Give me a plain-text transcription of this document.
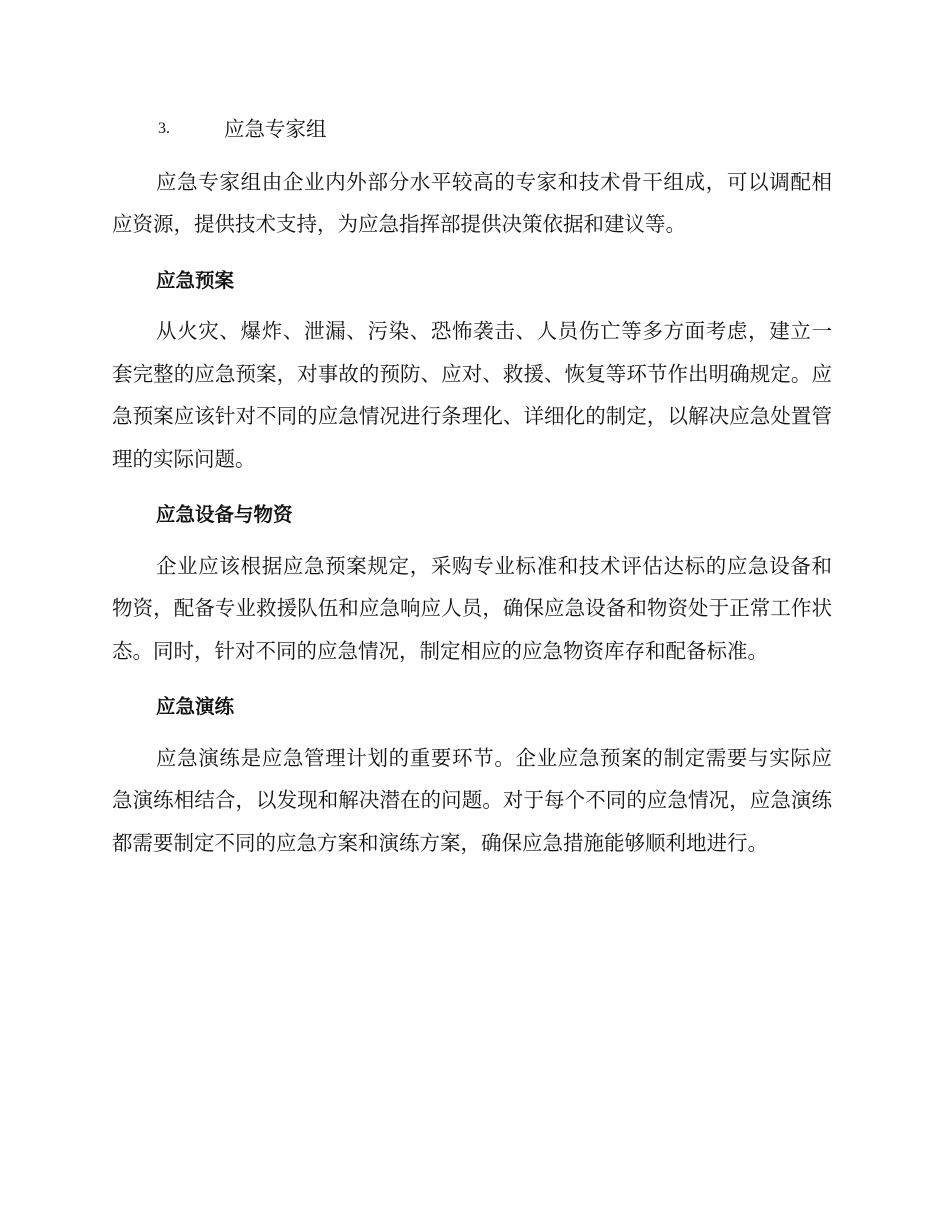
3.	应急专家组

应急专家组由企业内外部分水平较高的专家和技术骨干组成，可以调配相应资源，提供技术支持，为应急指挥部提供决策依据和建议等。

应急预案

从火灾、爆炸、泄漏、污染、恐怖袭击、人员伤亡等多方面考虑，建立一套完整的应急预案，对事故的预防、应对、救援、恢复等环节作出明确规定。应急预案应该针对不同的应急情况进行条理化、详细化的制定，以解决应急处置管理的实际问题。

应急设备与物资

企业应该根据应急预案规定，采购专业标准和技术评估达标的应急设备和物资，配备专业救援队伍和应急响应人员，确保应急设备和物资处于正常工作状态。同时，针对不同的应急情况，制定相应的应急物资库存和配备标准。

应急演练

应急演练是应急管理计划的重要环节。企业应急预案的制定需要与实际应急演练相结合，以发现和解决潜在的问题。对于每个不同的应急情况，应急演练都需要制定不同的应急方案和演练方案，确保应急措施能够顺利地进行。
